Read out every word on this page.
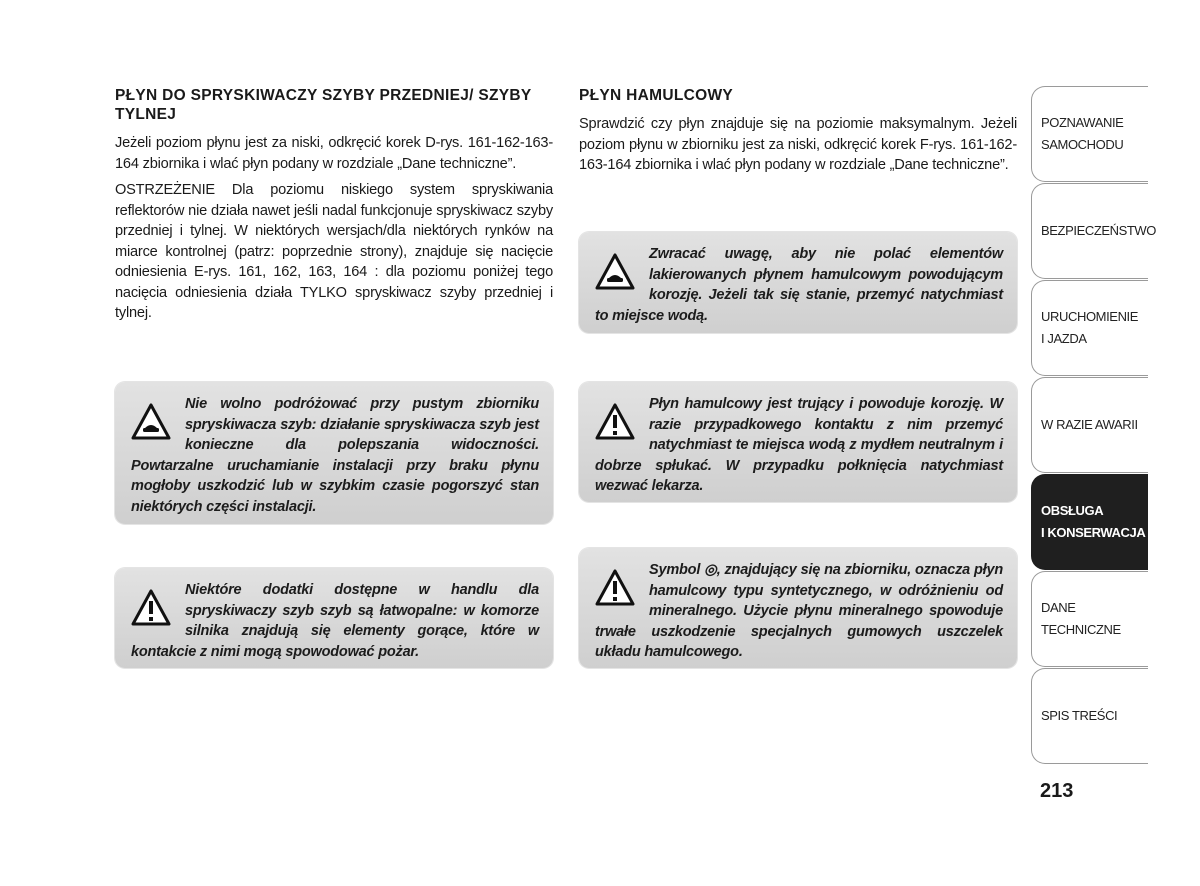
PŁYN DO SPRYSKIWACZY SZYBY PRZEDNIEJ/ SZYBY TYLNEJ

Jeżeli poziom płynu jest za niski, odkręcić korek D-rys. 161-162-163-164 zbiornika i wlać płyn podany w rozdziale „Dane techniczne”.

OSTRZEŻENIE Dla poziomu niskiego system spryskiwania reflektorów nie działa nawet jeśli nadal funkcjonuje spryskiwacz szyby przedniej i tylnej. W niektórych wersjach/dla niektórych rynków na miarce kontrolnej (patrz: poprzednie strony), znajduje się nacięcie odniesienia E-rys. 161, 162, 163, 164 : dla poziomu poniżej tego nacięcia odniesienia działa TYLKO spryskiwacz szyby przedniej i tylnej.

Nie wolno podróżować przy pustym zbiorniku spryskiwacza szyb: działanie spryskiwacza szyb jest konieczne dla polepszania widoczności. Powtarzalne uruchamianie instalacji przy braku płynu mogłoby uszkodzić lub w szybkim czasie pogorszyć stan niektórych części instalacji.
Niektóre dodatki dostępne w handlu dla spryskiwaczy szyb szyb są łatwopalne: w komorze silnika znajdują się elementy gorące, które w kontakcie z nimi mogą spowodować pożar.
PŁYN HAMULCOWY

Sprawdzić czy płyn znajduje się na poziomie maksymalnym. Jeżeli poziom płynu w zbiorniku jest za niski, odkręcić korek F-rys. 161-162-163-164 zbiornika i wlać płyn podany w rozdziale „Dane techniczne”.

Zwracać uwagę, aby nie polać elementów lakierowanych płynem hamulcowym powodującym korozję. Jeżeli tak się stanie, przemyć natychmiast to miejsce wodą.
Płyn hamulcowy jest trujący i powoduje korozję. W razie przypadkowego kontaktu z nim przemyć natychmiast te miejsca wodą z mydłem neutralnym i dobrze spłukać. W przypadku połknięcia natychmiast wezwać lekarza.
Symbol ◎, znajdujący się na zbiorniku, oznacza płyn hamulcowy typu syntetycznego, w odróżnieniu od mineralnego. Użycie płynu mineralnego spowoduje trwałe uszkodzenie specjalnych gumowych uszczelek układu hamulcowego.
POZNAWANIE
SAMOCHODU
BEZPIECZEŃSTWO
URUCHOMIENIE
I JAZDA
W RAZIE AWARII
OBSŁUGA
I KONSERWACJA
DANE
TECHNICZNE
SPIS TREŚCI
213
